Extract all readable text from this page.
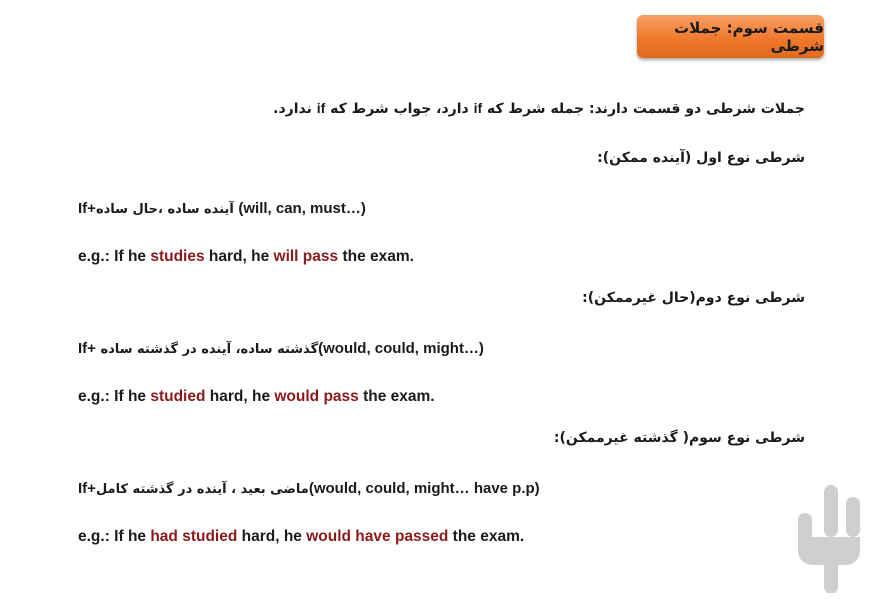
قسمت سوم: جملات شرطی
جملات شرطی دو قسمت دارند: جمله شرط که if دارد، جواب شرط که if ندارد.
شرطی نوع اول (آینده ممکن):
If+ آینده ساده ،حال ساده(will, can, must…)
e.g.: If he studies hard, he will pass the exam.
شرطی نوع دوم(حال غیرممکن):
If+گذشته ساده، آینده در گذشته ساده (would, could, might…)
e.g.: If he studied hard, he would pass the exam.
شرطی نوع سوم( گذشته غیرممکن):
If+ماضی بعید ، آینده در گذشته کامل(would, could, might… have p.p)
e.g.: If he had studied hard, he would have passed the exam.
